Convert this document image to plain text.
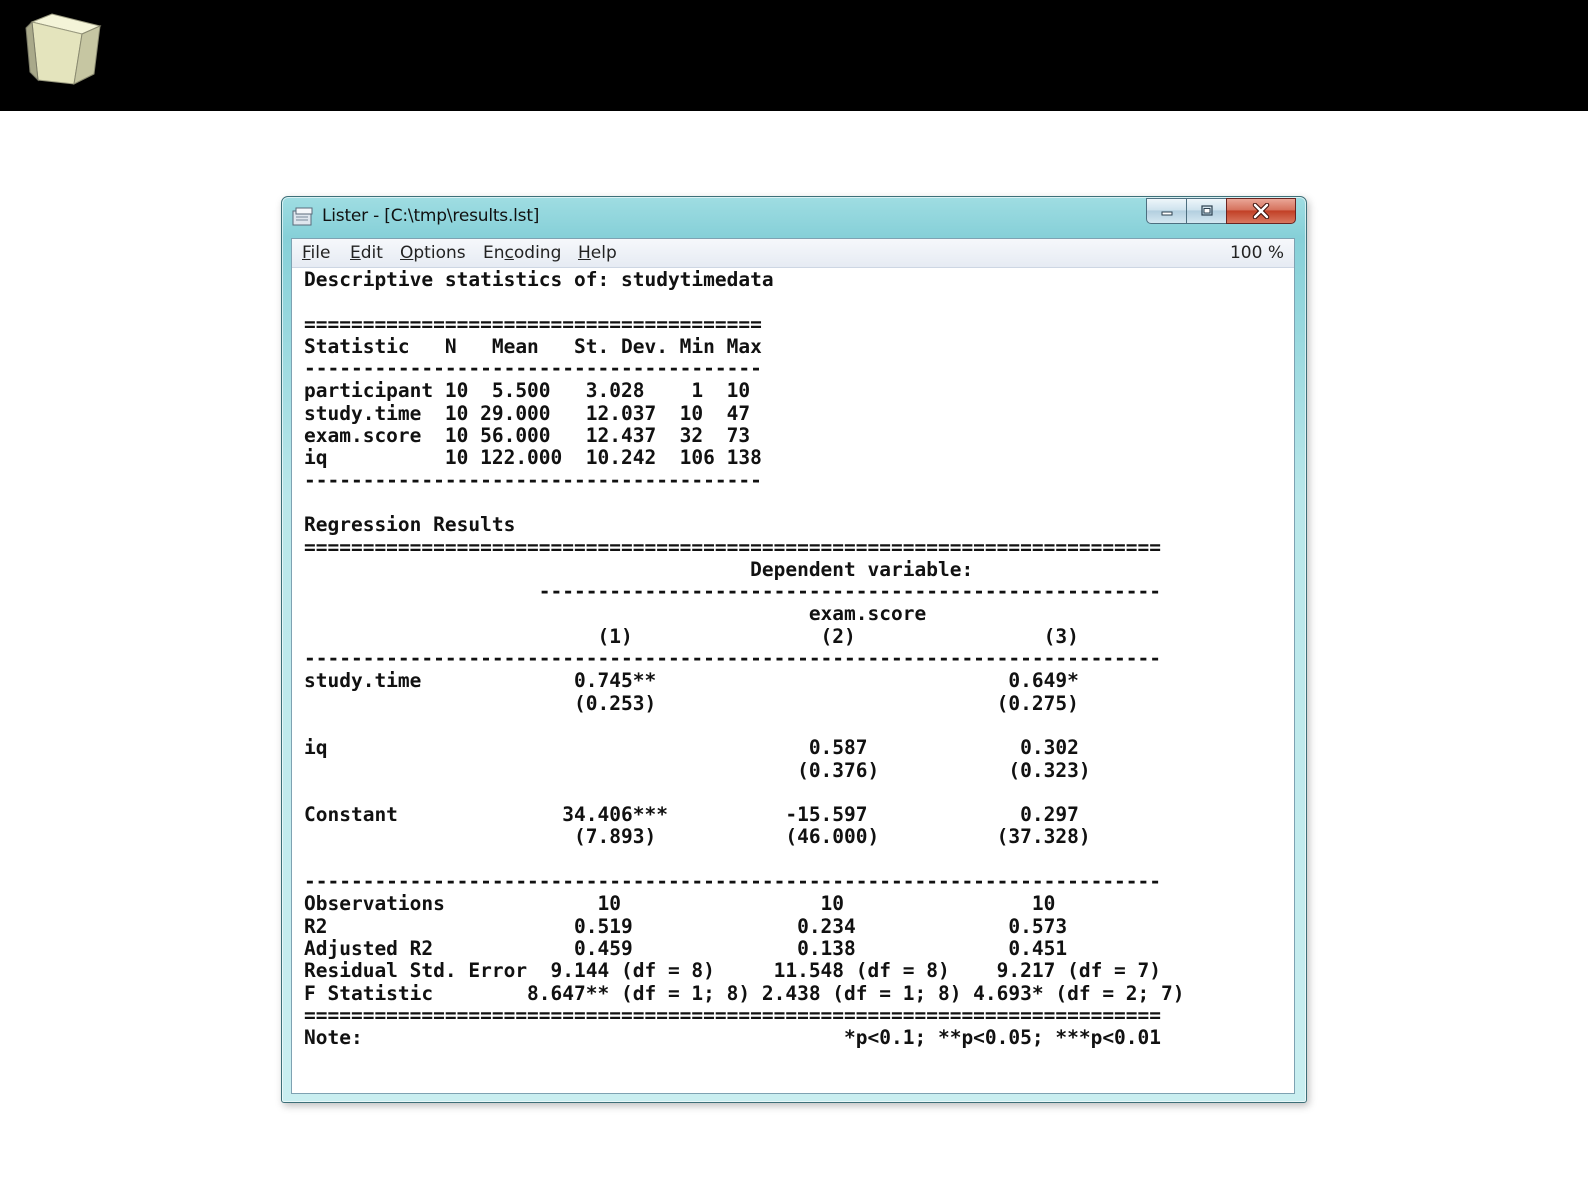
Lister - [C:\tmp\results.lst]
File Edit Options Encoding Help	100 %
Descriptive statistics of: studytimedata
=======================================
Statistic   N   Mean   St. Dev. Min Max
---------------------------------------
participant 10  5.500   3.028    1  10
study.time  10 29.000   12.037  10  47
exam.score  10 56.000   12.437  32  73
iq          10 122.000  10.242  106 138
---------------------------------------
Regression Results
=========================================================================
Dependent variable:
-----------------------------------------------------
exam.score
(1)                (2)                (3)
-------------------------------------------------------------------------
study.time             0.745**                              0.649*
(0.253)                             (0.275)
iq                                         0.587             0.302
(0.376)           (0.323)
Constant              34.406***          -15.597             0.297
(7.893)           (46.000)          (37.328)
-------------------------------------------------------------------------
Observations             10                 10                10
R2                     0.519              0.234             0.573
Adjusted R2            0.459              0.138             0.451
Residual Std. Error  9.144 (df = 8)     11.548 (df = 8)    9.217 (df = 7)
F Statistic        8.647** (df = 1; 8) 2.438 (df = 1; 8) 4.693* (df = 2; 7)
=========================================================================
Note:                                         *p<0.1; **p<0.05; ***p<0.01
